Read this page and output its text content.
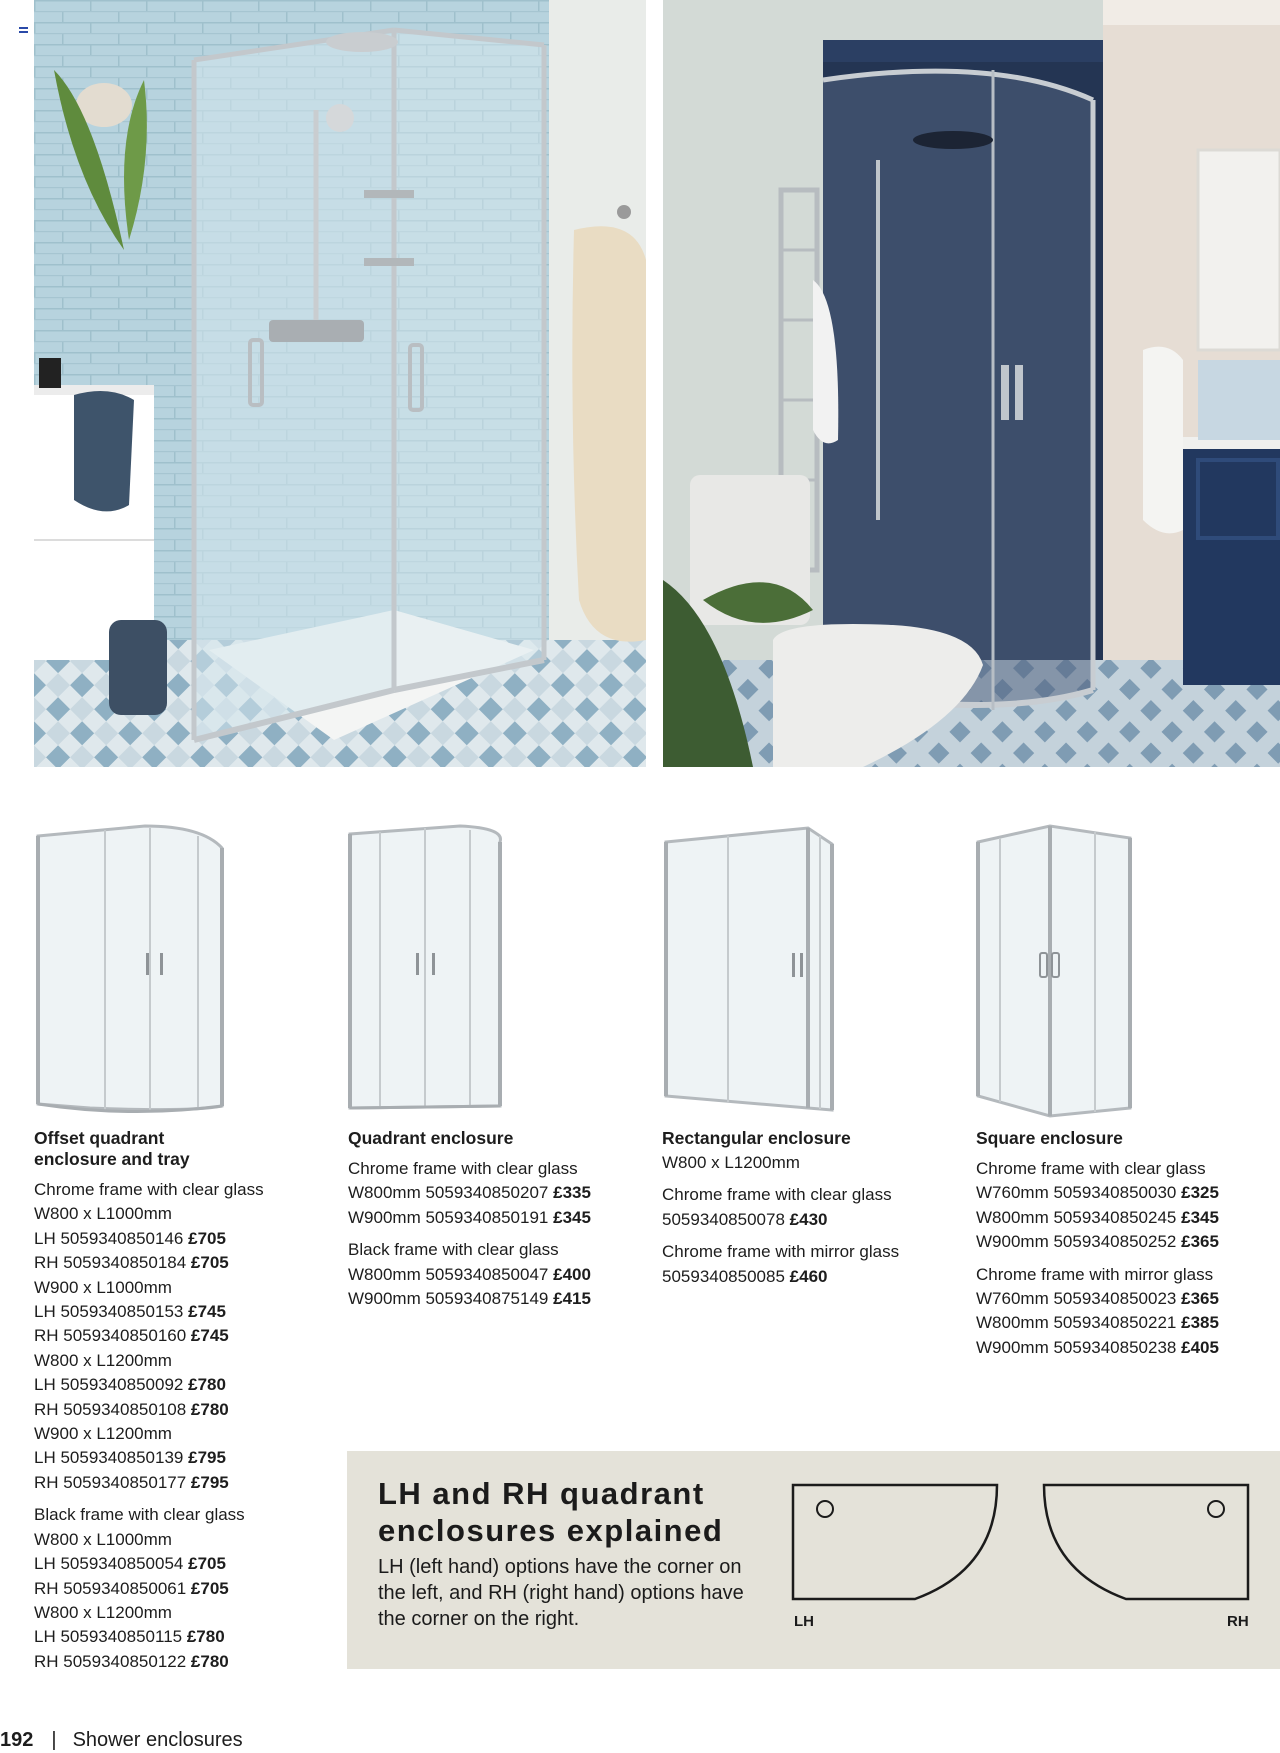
Offset quadrant
enclosure and tray
Chrome frame with clear glass
W800 x L1000mm
LH 5059340850146 £705
RH 5059340850184 £705
W900 x L1000mm
LH 5059340850153 £745
RH 5059340850160 £745
W800 x L1200mm
LH 5059340850092 £780
RH 5059340850108 £780
W900 x L1200mm
LH 5059340850139 £795
RH 5059340850177 £795
Black frame with clear glass
W800 x L1000mm
LH 5059340850054 £705
RH 5059340850061 £705
W800 x L1200mm
LH 5059340850115 £780
RH 5059340850122 £780
Quadrant enclosure
Chrome frame with clear glass
W800mm 5059340850207 £335
W900mm 5059340850191 £345
Black frame with clear glass
W800mm 5059340850047 £400
W900mm 5059340875149 £415
Rectangular enclosure
W800 x L1200mm
Chrome frame with clear glass
5059340850078 £430
Chrome frame with mirror glass
5059340850085 £460
Square enclosure
Chrome frame with clear glass
W760mm 5059340850030 £325
W800mm 5059340850245 £345
W900mm 5059340850252 £365
Chrome frame with mirror glass
W760mm 5059340850023 £365
W800mm 5059340850221 £385
W900mm 5059340850238 £405
LH and RH quadrant enclosures explained
LH (left hand) options have the corner on the left, and RH (right hand) options have the corner on the right.	LH	RH
192 | Shower enclosures
